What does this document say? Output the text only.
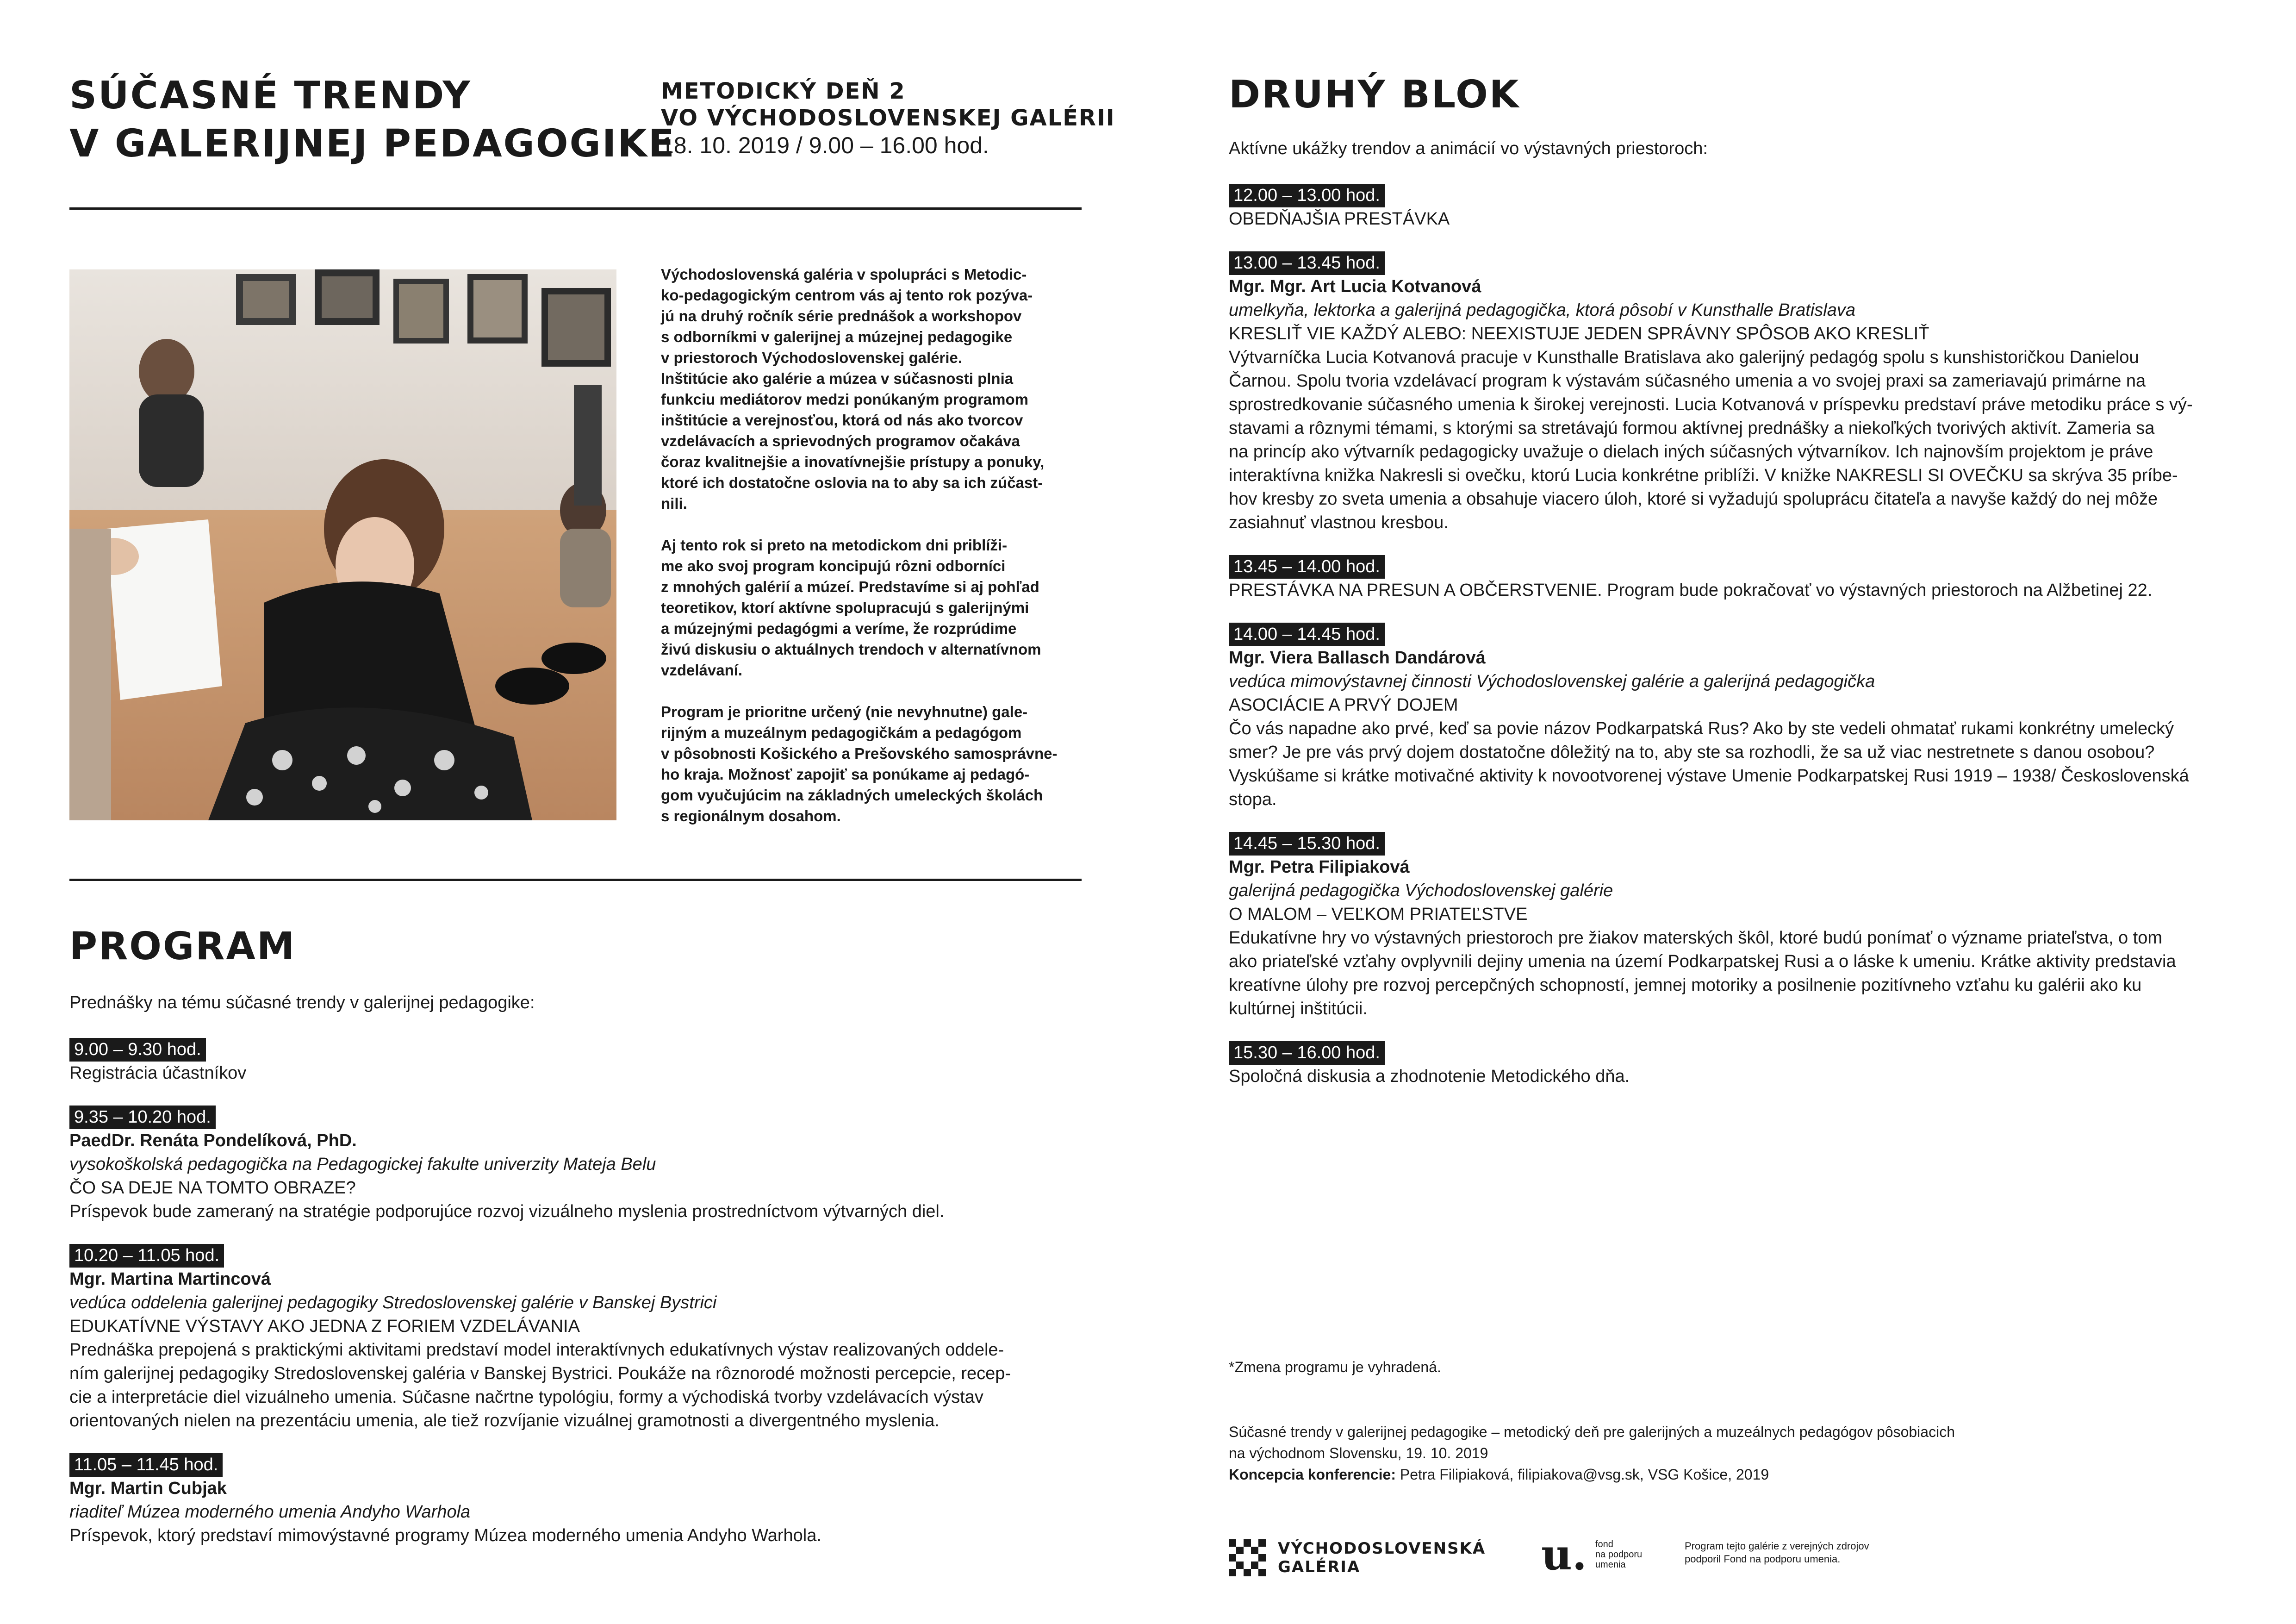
SÚČASNÉ TRENDY
V GALERIJNEJ PEDAGOGIKE
METODICKÝ DEŇ 2
VO VÝCHODOSLOVENSKEJ GALÉRII
18. 10. 2019 / 9.00 – 16.00 hod.

Východoslovenská galéria v spolupráci s Metodic-
ko-pedagogickým centrom vás aj tento rok pozýva-
jú na druhý ročník série prednášok a workshopov
s odborníkmi v galerijnej a múzejnej pedagogike
v priestoroch Východoslovenskej galérie.
Inštitúcie ako galérie a múzea v súčasnosti plnia
funkciu mediátorov medzi ponúkaným programom
inštitúcie a verejnosťou, ktorá od nás ako tvorcov
vzdelávacích a sprievodných programov očakáva
čoraz kvalitnejšie a inovatívnejšie prístupy a ponuky,
ktoré ich dostatočne oslovia na to aby sa ich zúčast-
nili.

Aj tento rok si preto na metodickom dni priblíži-
me ako svoj program koncipujú rôzni odborníci
z mnohých galérií a múzeí. Predstavíme si aj pohľad
teoretikov, ktorí aktívne spolupracujú s galerijnými
a múzejnými pedagógmi a veríme, že rozprúdime
živú diskusiu o aktuálnych trendoch v alternatívnom
vzdelávaní.

Program je prioritne určený (nie nevyhnutne) gale-
rijným a muzeálnym pedagogičkám a pedagógom
v pôsobnosti Košického a Prešovského samosprávne-
ho kraja. Možnosť zapojiť sa ponúkame aj pedagó-
gom vyučujúcim na základných umeleckých školách
s regionálnym dosahom.

PROGRAM
Prednášky na tému súčasné trendy v galerijnej pedagogike:
9.00 – 9.30 hod.
Registrácia účastníkov
9.35 – 10.20 hod.
PaedDr. Renáta Pondelíková, PhD.
vysokoškolská pedagogička na Pedagogickej fakulte univerzity Mateja Belu
ČO SA DEJE NA TOMTO OBRAZE?
Príspevok bude zameraný na stratégie podporujúce rozvoj vizuálneho myslenia prostredníctvom výtvarných diel.
10.20 – 11.05 hod.
Mgr. Martina Martincová
vedúca oddelenia galerijnej pedagogiky Stredoslovenskej galérie v Banskej Bystrici
EDUKATÍVNE VÝSTAVY AKO JEDNA Z FORIEM VZDELÁVANIA
Prednáška prepojená s praktickými aktivitami predstaví model interaktívnych edukatívnych výstav realizovaných oddele-
ním galerijnej pedagogiky Stredoslovenskej galéria v Banskej Bystrici. Poukáže na rôznorodé možnosti percepcie, recep-
cie a interpretácie diel vizuálneho umenia. Súčasne načrtne typológiu, formy a východiská tvorby vzdelávacích výstav
orientovaných nielen na prezentáciu umenia, ale tiež rozvíjanie vizuálnej gramotnosti a divergentného myslenia.
11.05 – 11.45 hod.
Mgr. Martin Cubjak
riaditeľ Múzea moderného umenia Andyho Warhola
Príspevok, ktorý predstaví mimovýstavné programy Múzea moderného umenia Andyho Warhola.
DRUHÝ BLOK
Aktívne ukážky trendov a animácií vo výstavných priestoroch:
12.00 – 13.00 hod.
OBEDŇAJŠIA PRESTÁVKA
13.00 – 13.45 hod.
Mgr. Mgr. Art Lucia Kotvanová
umelkyňa, lektorka a galerijná pedagogička, ktorá pôsobí v Kunsthalle Bratislava
KRESLIŤ VIE KAŽDÝ ALEBO: NEEXISTUJE JEDEN SPRÁVNY SPÔSOB AKO KRESLIŤ
Výtvarníčka Lucia Kotvanová pracuje v Kunsthalle Bratislava ako galerijný pedagóg spolu s kunshistoričkou Danielou
Čarnou. Spolu tvoria vzdelávací program k výstavám súčasného umenia a vo svojej praxi sa zameriavajú primárne na
sprostredkovanie súčasného umenia k širokej verejnosti. Lucia Kotvanová v príspevku predstaví práve metodiku práce s vý-
stavami a rôznymi témami, s ktorými sa stretávajú formou aktívnej prednášky a niekoľkých tvorivých aktivít. Zameria sa
na princíp ako výtvarník pedagogicky uvažuje o dielach iných súčasných výtvarníkov. Ich najnovším projektom je práve
interaktívna knižka Nakresli si ovečku, ktorú Lucia konkrétne priblíži. V knižke NAKRESLI SI OVEČKU sa skrýva 35 príbe-
hov kresby zo sveta umenia a obsahuje viacero úloh, ktoré si vyžadujú spoluprácu čitateľa a navyše každý do nej môže
zasiahnuť vlastnou kresbou.
13.45 – 14.00 hod.
PRESTÁVKA NA PRESUN A OBČERSTVENIE. Program bude pokračovať vo výstavných priestoroch na Alžbetinej 22.
14.00 – 14.45 hod.
Mgr. Viera Ballasch Dandárová
vedúca mimovýstavnej činnosti Východoslovenskej galérie a galerijná pedagogička
ASOCIÁCIE A PRVÝ DOJEM
Čo vás napadne ako prvé, keď sa povie názov Podkarpatská Rus? Ako by ste vedeli ohmatať rukami konkrétny umelecký
smer? Je pre vás prvý dojem dostatočne dôležitý na to, aby ste sa rozhodli, že sa už viac nestretnete s danou osobou?
Vyskúšame si krátke motivačné aktivity k novootvorenej výstave Umenie Podkarpatskej Rusi 1919 – 1938/ Československá
stopa.
14.45 – 15.30 hod.
Mgr. Petra Filipiaková
galerijná pedagogička Východoslovenskej galérie
O MALOM – VEĽKOM PRIATEĽSTVE
Edukatívne hry vo výstavných priestoroch pre žiakov materských škôl, ktoré budú ponímať o význame priateľstva, o tom
ako priateľské vzťahy ovplyvnili dejiny umenia na území Podkarpatskej Rusi a o láske k umeniu. Krátke aktivity predstavia
kreatívne úlohy pre rozvoj percepčných schopností, jemnej motoriky a posilnenie pozitívneho vzťahu ku galérii ako ku
kultúrnej inštitúcii.
15.30 – 16.00 hod.
Spoločná diskusia a zhodnotenie Metodického dňa.
*Zmena programu je vyhradená.
Súčasné trendy v galerijnej pedagogike – metodický deň pre galerijných a muzeálnych pedagógov pôsobiacich
na východnom Slovensku, 19. 10. 2019
Koncepcia konferencie: Petra Filipiaková, filipiakova@vsg.sk, VSG Košice, 2019
VÝCHODOSLOVENSKÁ
GALÉRIA	u. fond
na podporu
umenia
Program tejto galérie z verejných zdrojov
podporil Fond na podporu umenia.
